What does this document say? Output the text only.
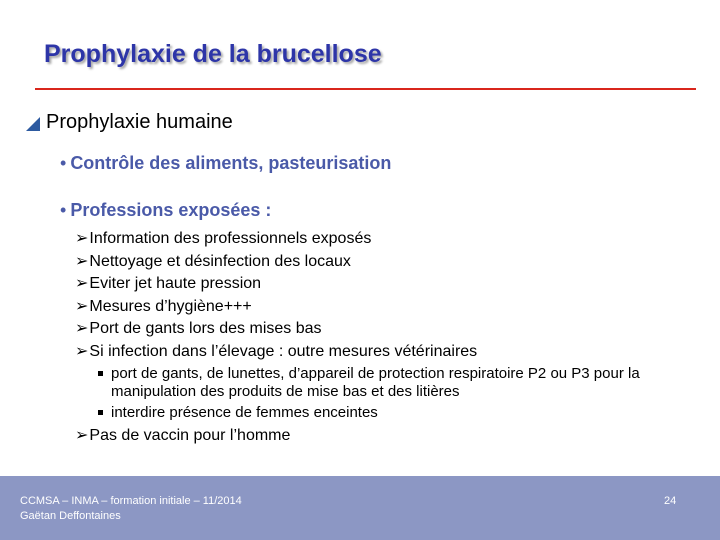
Prophylaxie de la brucellose
Prophylaxie humaine
• Contrôle des aliments, pasteurisation
• Professions exposées :
➢Information des professionnels exposés
➢Nettoyage et désinfection des locaux
➢Eviter jet haute pression
➢Mesures d’hygiène+++
➢Port de gants lors des mises bas
➢Si infection dans l’élevage : outre mesures vétérinaires
port de gants, de lunettes, d’appareil de protection respiratoire P2 ou P3 pour la manipulation des produits de mise bas et des litières
interdire présence de femmes enceintes
➢Pas de vaccin pour l’homme
CCMSA – INMA – formation initiale – 11/2014
Gaëtan Deffontaines
24
